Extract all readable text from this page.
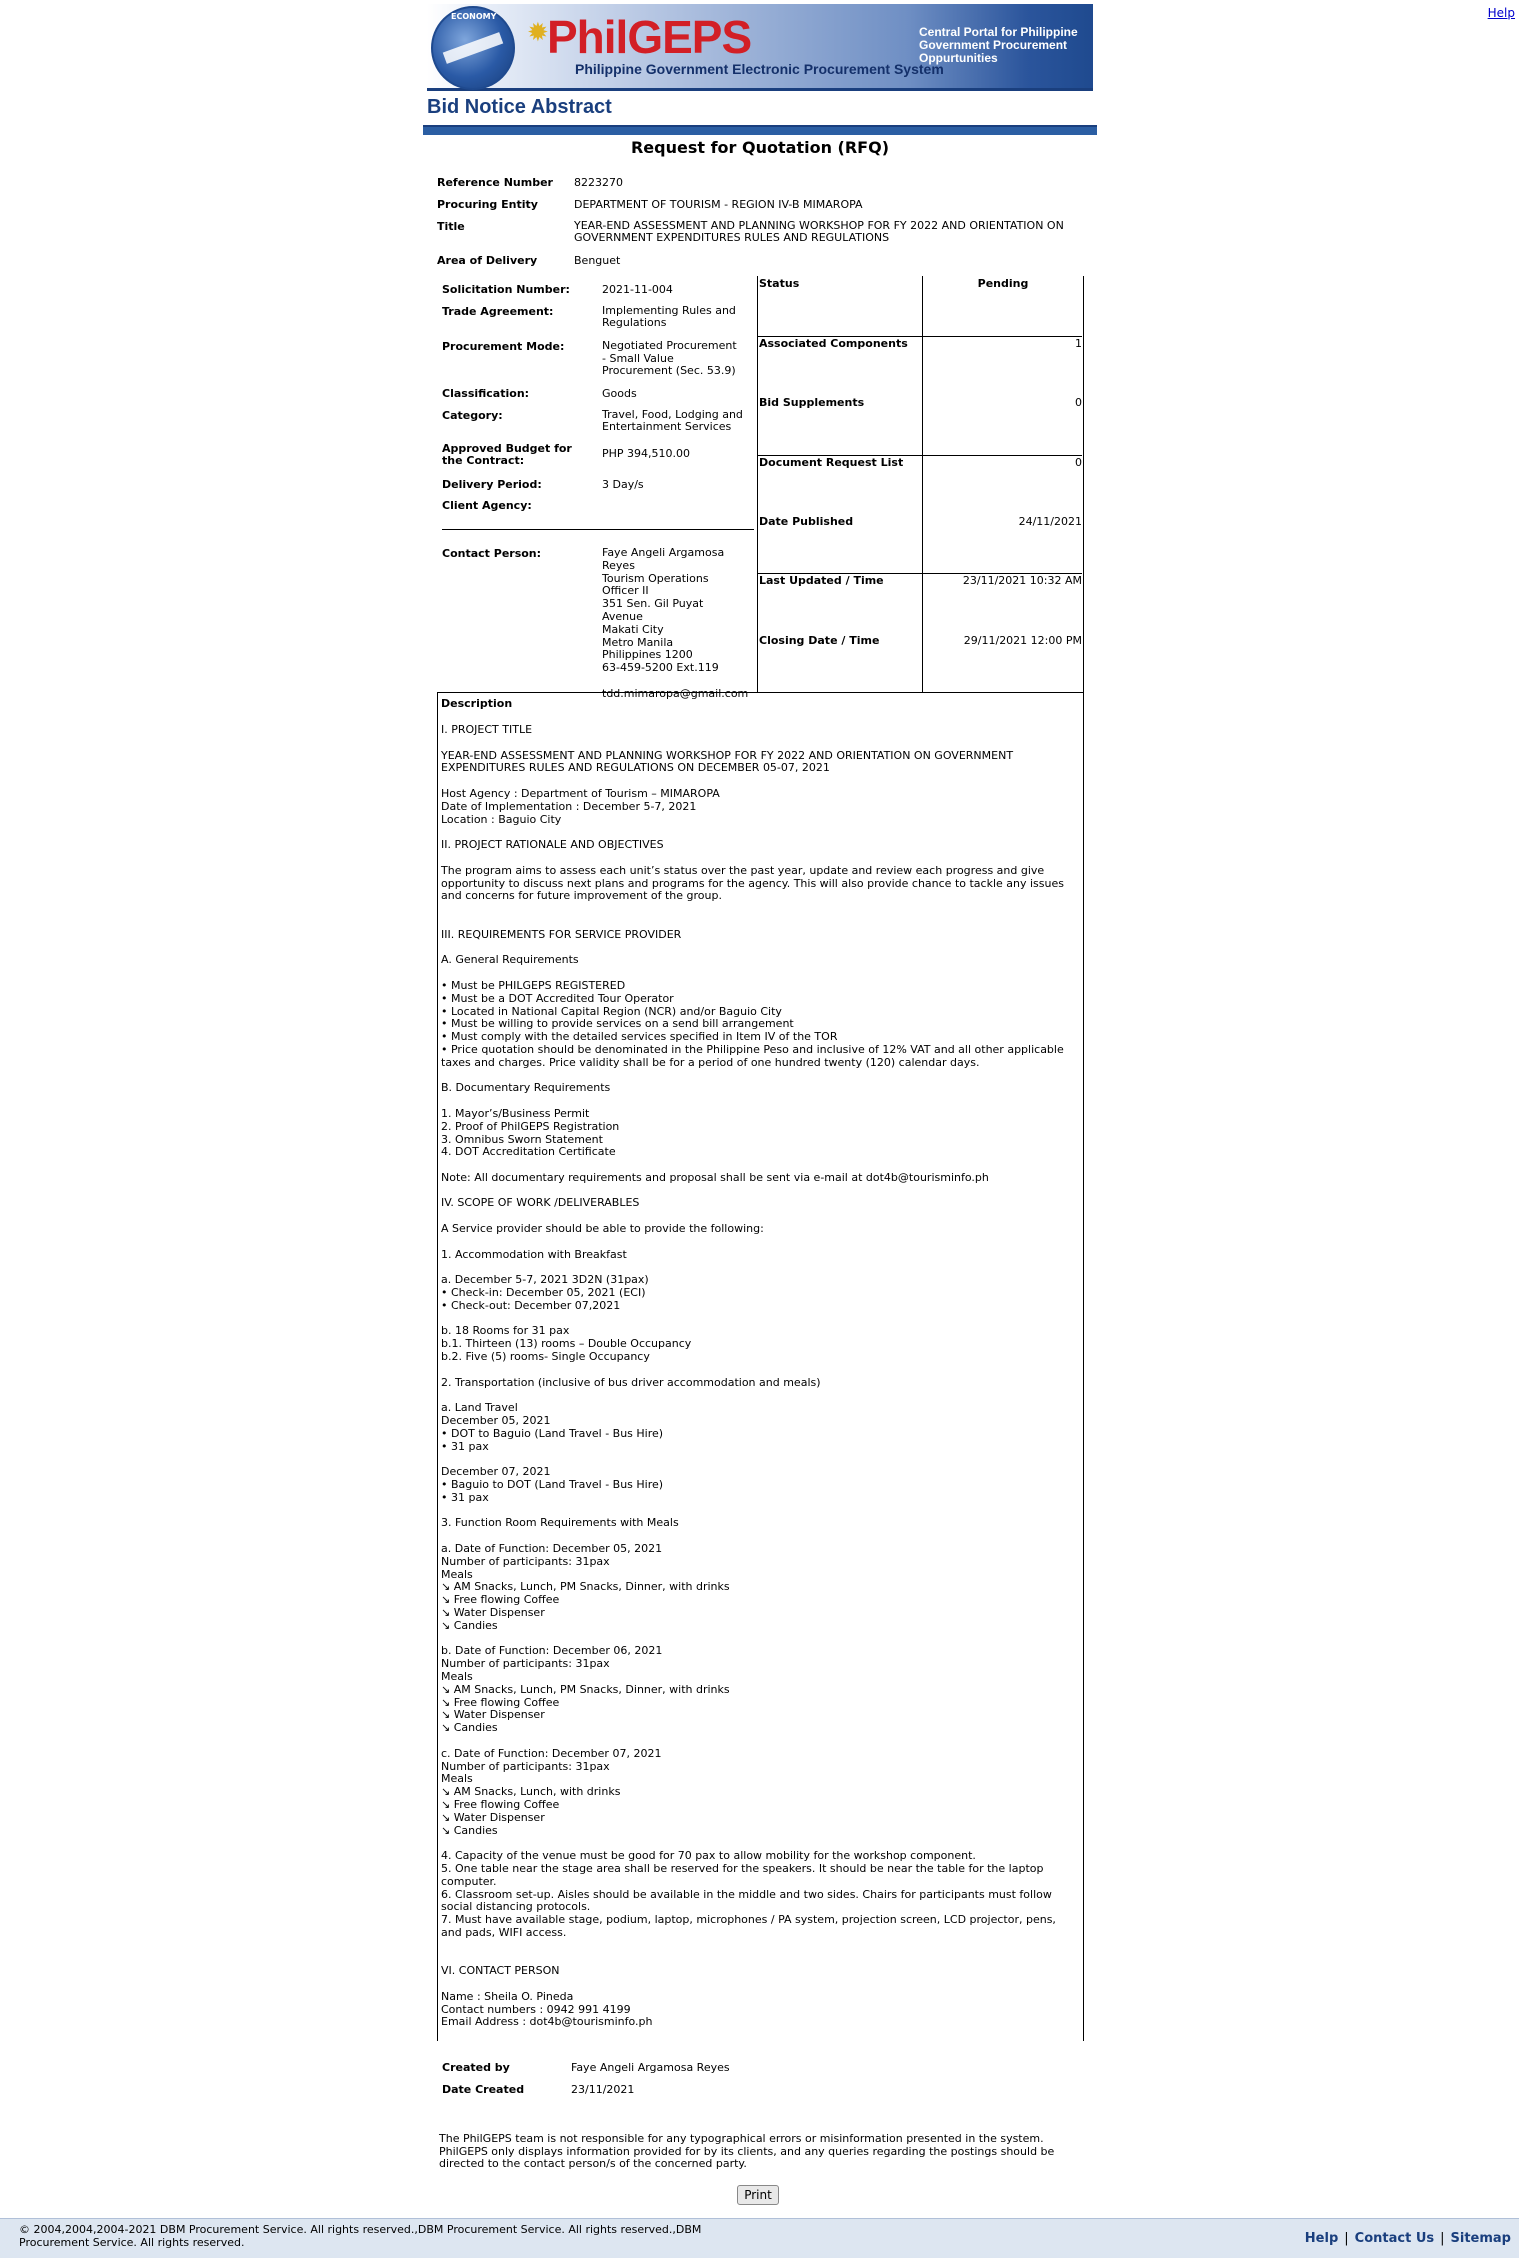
Help
ECONOMY
✹
PhilGEPS
Philippine Government Electronic Procurement System
Central Portal for Philippine Government Procurement Oppurtunities
Bid Notice Abstract
Request for Quotation (RFQ)
Reference Number	8223270
Procuring Entity	DEPARTMENT OF TOURISM - REGION IV-B MIMAROPA
Title	YEAR-END ASSESSMENT AND PLANNING WORKSHOP FOR FY 2022 AND ORIENTATION ON GOVERNMENT EXPENDITURES RULES AND REGULATIONS
Area of Delivery	Benguet
Solicitation Number:	2021-11-004
Trade Agreement:	Implementing Rules and Regulations
Procurement Mode:	Negotiated Procurement - Small Value Procurement (Sec. 53.9)
Classification:	Goods
Category:	Travel, Food, Lodging and Entertainment Services
Approved Budget for the Contract:
PHP 394,510.00
Delivery Period:	3 Day/s
Client Agency:
Contact Person:	Faye Angeli Argamosa Reyes
Tourism Operations Officer II
351 Sen. Gil Puyat Avenue
Makati City
Metro Manila
Philippines 1200
63-459-5200 Ext.119

tdd.mimaropa@gmail.com
Status	Pending
Associated Components	1
Bid Supplements	0
Document Request List	0
Date Published	24/11/2021
Last Updated / Time	23/11/2021 10:32 AM
Closing Date / Time	29/11/2021 12:00 PM
Description
I. PROJECT TITLE

YEAR-END ASSESSMENT AND PLANNING WORKSHOP FOR FY 2022 AND ORIENTATION ON GOVERNMENT EXPENDITURES RULES AND REGULATIONS ON DECEMBER 05-07, 2021

Host Agency : Department of Tourism – MIMAROPA
Date of Implementation : December 5-7, 2021
Location : Baguio City

II. PROJECT RATIONALE AND OBJECTIVES

The program aims to assess each unit’s status over the past year, update and review each progress and give opportunity to discuss next plans and programs for the agency. This will also provide chance to tackle any issues and concerns for future improvement of the group.

III. REQUIREMENTS FOR SERVICE PROVIDER

A. General Requirements

• Must be PHILGEPS REGISTERED
• Must be a DOT Accredited Tour Operator
• Located in National Capital Region (NCR) and/or Baguio City
• Must be willing to provide services on a send bill arrangement
• Must comply with the detailed services specified in Item IV of the TOR
• Price quotation should be denominated in the Philippine Peso and inclusive of 12% VAT and all other applicable taxes and charges. Price validity shall be for a period of one hundred twenty (120) calendar days.

B. Documentary Requirements

1. Mayor’s/Business Permit
2. Proof of PhilGEPS Registration
3. Omnibus Sworn Statement
4. DOT Accreditation Certificate

Note: All documentary requirements and proposal shall be sent via e-mail at dot4b@tourisminfo.ph

IV. SCOPE OF WORK /DELIVERABLES

A Service provider should be able to provide the following:

1. Accommodation with Breakfast

a. December 5-7, 2021 3D2N (31pax)
• Check-in: December 05, 2021 (ECI)
• Check-out: December 07,2021

b. 18 Rooms for 31 pax
b.1. Thirteen (13) rooms – Double Occupancy
b.2. Five (5) rooms- Single Occupancy

2. Transportation (inclusive of bus driver accommodation and meals)

a. Land Travel
December 05, 2021
• DOT to Baguio (Land Travel - Bus Hire)
• 31 pax

December 07, 2021
• Baguio to DOT (Land Travel - Bus Hire)
• 31 pax

3. Function Room Requirements with Meals

a. Date of Function: December 05, 2021
Number of participants: 31pax
Meals
↘ AM Snacks, Lunch, PM Snacks, Dinner, with drinks
↘ Free flowing Coffee
↘ Water Dispenser
↘ Candies

b. Date of Function: December 06, 2021
Number of participants: 31pax
Meals
↘ AM Snacks, Lunch, PM Snacks, Dinner, with drinks
↘ Free flowing Coffee
↘ Water Dispenser
↘ Candies

c. Date of Function: December 07, 2021
Number of participants: 31pax
Meals
↘ AM Snacks, Lunch, with drinks
↘ Free flowing Coffee
↘ Water Dispenser
↘ Candies

4. Capacity of the venue must be good for 70 pax to allow mobility for the workshop component.
5. One table near the stage area shall be reserved for the speakers. It should be near the table for the laptop computer.
6. Classroom set-up. Aisles should be available in the middle and two sides. Chairs for participants must follow social distancing protocols.
7. Must have available stage, podium, laptop, microphones / PA system, projection screen, LCD projector, pens, and pads, WIFI access.

VI. CONTACT PERSON

Name : Sheila O. Pineda
Contact numbers : 0942 991 4199
Email Address : dot4b@tourisminfo.ph
Created by	Faye Angeli Argamosa Reyes
Date Created	23/11/2021
The PhilGEPS team is not responsible for any typographical errors or misinformation presented in the system. PhilGEPS only displays information provided for by its clients, and any queries regarding the postings should be directed to the contact person/s of the concerned party.
Print
© 2004,2004,2004-2021 DBM Procurement Service. All rights reserved.,DBM Procurement Service. All rights reserved.,DBM Procurement Service. All rights reserved.	Help | Contact Us | Sitemap
